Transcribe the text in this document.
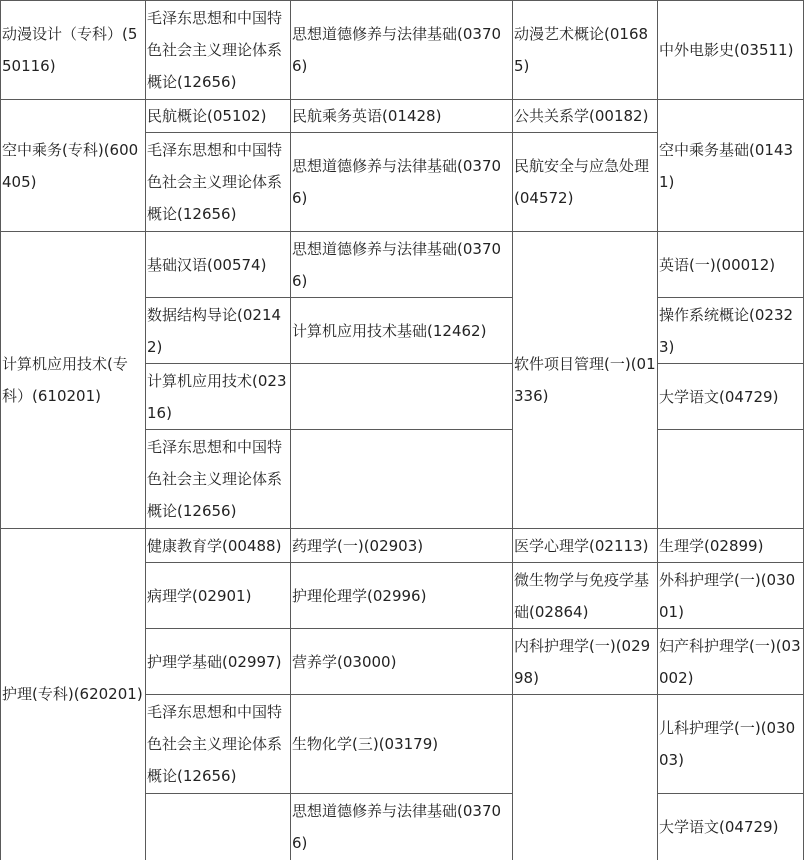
动漫设计（专科）(550116)	毛泽东思想和中国特色社会主义理论体系概论(12656)	思想道德修养与法律基础(03706)	动漫艺术概论(01685)	中外电影史(03511)
空中乘务(专科)(600405)	民航概论(05102)	民航乘务英语(01428)	公共关系学(00182)	空中乘务基础(01431)
	毛泽东思想和中国特色社会主义理论体系概论(12656)	思想道德修养与法律基础(03706)	民航安全与应急处理(04572)	
计算机应用技术(专科）(610201)	基础汉语(00574)	思想道德修养与法律基础(03706)	软件项目管理(一)(01336)	英语(一)(00012)
	数据结构导论(02142)	计算机应用技术基础(12462)		操作系统概论(02323)
	计算机应用技术(02316)			大学语文(04729)
	毛泽东思想和中国特色社会主义理论体系概论(12656)			
护理(专科)(620201)	健康教育学(00488)	药理学(一)(02903)	医学心理学(02113)	生理学(02899)
	病理学(02901)	护理伦理学(02996)	微生物学与免疫学基础(02864)	外科护理学(一)(03001)
	护理学基础(02997)	营养学(03000)	内科护理学(一)(02998)	妇产科护理学(一)(03002)
	毛泽东思想和中国特色社会主义理论体系概论(12656)	生物化学(三)(03179)		儿科护理学(一)(03003)
		思想道德修养与法律基础(03706)		大学语文(04729)
